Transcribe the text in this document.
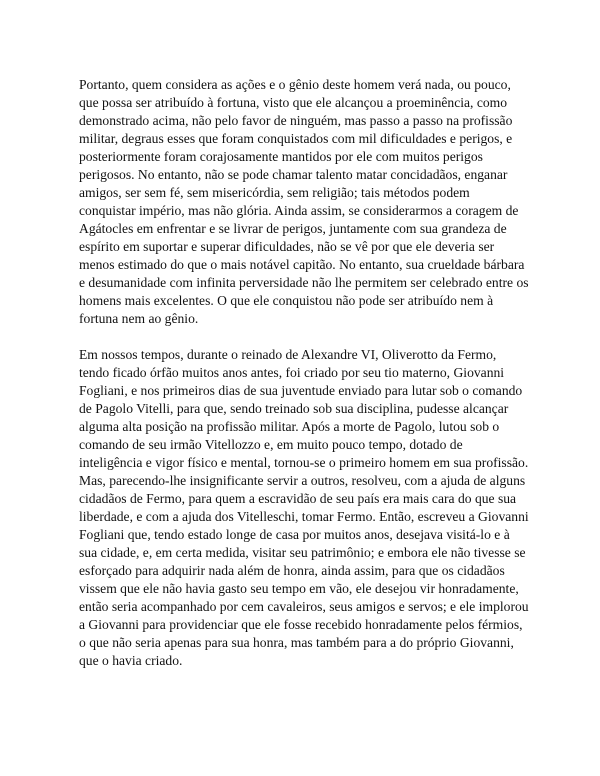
Portanto, quem considera as ações e o gênio deste homem verá nada, ou pouco, que possa ser atribuído à fortuna, visto que ele alcançou a proeminência, como demonstrado acima, não pelo favor de ninguém, mas passo a passo na profissão militar, degraus esses que foram conquistados com mil dificuldades e perigos, e posteriormente foram corajosamente mantidos por ele com muitos perigos perigosos. No entanto, não se pode chamar talento matar concidadãos, enganar amigos, ser sem fé, sem misericórdia, sem religião; tais métodos podem conquistar império, mas não glória. Ainda assim, se considerarmos a coragem de Agátocles em enfrentar e se livrar de perigos, juntamente com sua grandeza de espírito em suportar e superar dificuldades, não se vê por que ele deveria ser menos estimado do que o mais notável capitão. No entanto, sua crueldade bárbara e desumanidade com infinita perversidade não lhe permitem ser celebrado entre os homens mais excelentes. O que ele conquistou não pode ser atribuído nem à fortuna nem ao gênio.

Em nossos tempos, durante o reinado de Alexandre VI, Oliverotto da Fermo, tendo ficado órfão muitos anos antes, foi criado por seu tio materno, Giovanni Fogliani, e nos primeiros dias de sua juventude enviado para lutar sob o comando de Pagolo Vitelli, para que, sendo treinado sob sua disciplina, pudesse alcançar alguma alta posição na profissão militar. Após a morte de Pagolo, lutou sob o comando de seu irmão Vitellozzo e, em muito pouco tempo, dotado de inteligência e vigor físico e mental, tornou-se o primeiro homem em sua profissão. Mas, parecendo-lhe insignificante servir a outros, resolveu, com a ajuda de alguns cidadãos de Fermo, para quem a escravidão de seu país era mais cara do que sua liberdade, e com a ajuda dos Vitelleschi, tomar Fermo. Então, escreveu a Giovanni Fogliani que, tendo estado longe de casa por muitos anos, desejava visitá-lo e à sua cidade, e, em certa medida, visitar seu patrimônio; e embora ele não tivesse se esforçado para adquirir nada além de honra, ainda assim, para que os cidadãos vissem que ele não havia gasto seu tempo em vão, ele desejou vir honradamente, então seria acompanhado por cem cavaleiros, seus amigos e servos; e ele implorou a Giovanni para providenciar que ele fosse recebido honradamente pelos férmios, o que não seria apenas para sua honra, mas também para a do próprio Giovanni, que o havia criado.
